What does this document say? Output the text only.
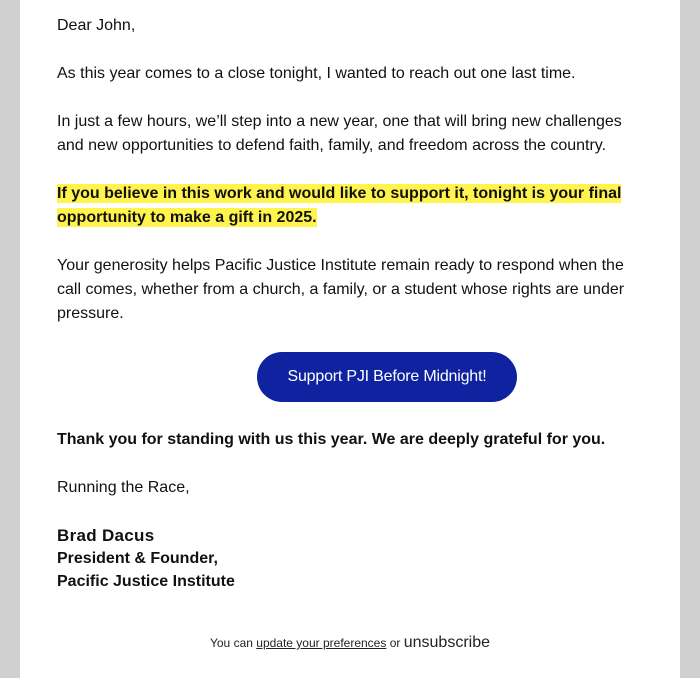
Dear John,

As this year comes to a close tonight, I wanted to reach out one last time.

In just a few hours, we’ll step into a new year, one that will bring new challenges and new opportunities to defend faith, family, and freedom across the country.

If you believe in this work and would like to support it, tonight is your final opportunity to make a gift in 2025.

Your generosity helps Pacific Justice Institute remain ready to respond when the call comes, whether from a church, a family, or a student whose rights are under pressure.

Support PJI Before Midnight!

Thank you for standing with us this year. We are deeply grateful for you.

Running the Race,

Brad Dacus
President & Founder,
Pacific Justice Institute
You can update your preferences or unsubscribe
